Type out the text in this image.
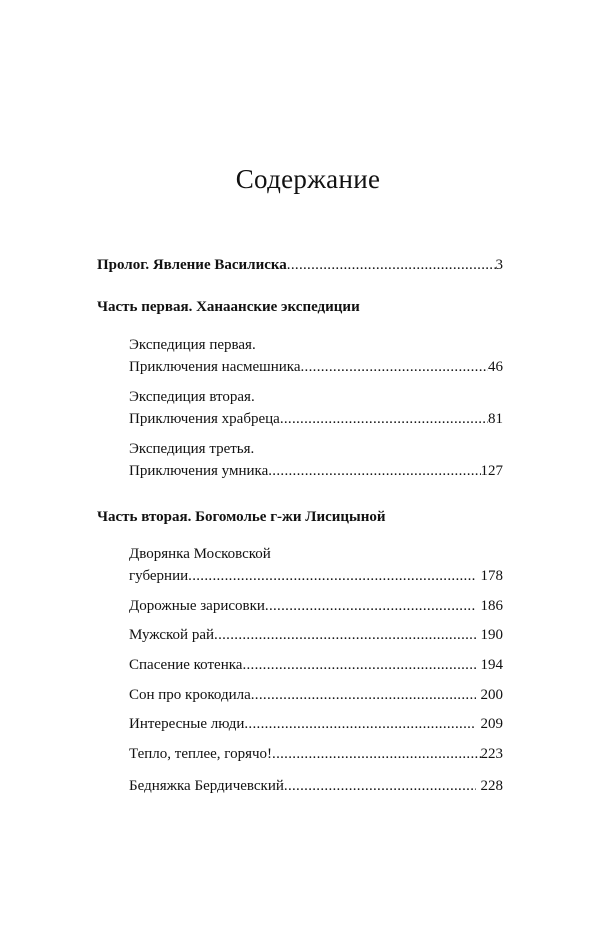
Содержание
Пролог. Явление Василиска .....	3
Часть первая. Ханаанские экспедиции
Экспедиция первая.
Приключения насмешника .....	46
Экспедиция вторая.
Приключения храбреца .....	81
Экспедиция третья.
Приключения умника .....	127
Часть вторая. Богомолье г-жи Лисицыной
Дворянка Московской
губернии .....	178
Дорожные зарисовки .....	186
Мужской рай .....	190
Спасение котенка .....	194
Сон про крокодила .....	200
Интересные люди .....	209
Тепло, теплее, горячо! .....	223
Бедняжка Бердичевский .....	228
